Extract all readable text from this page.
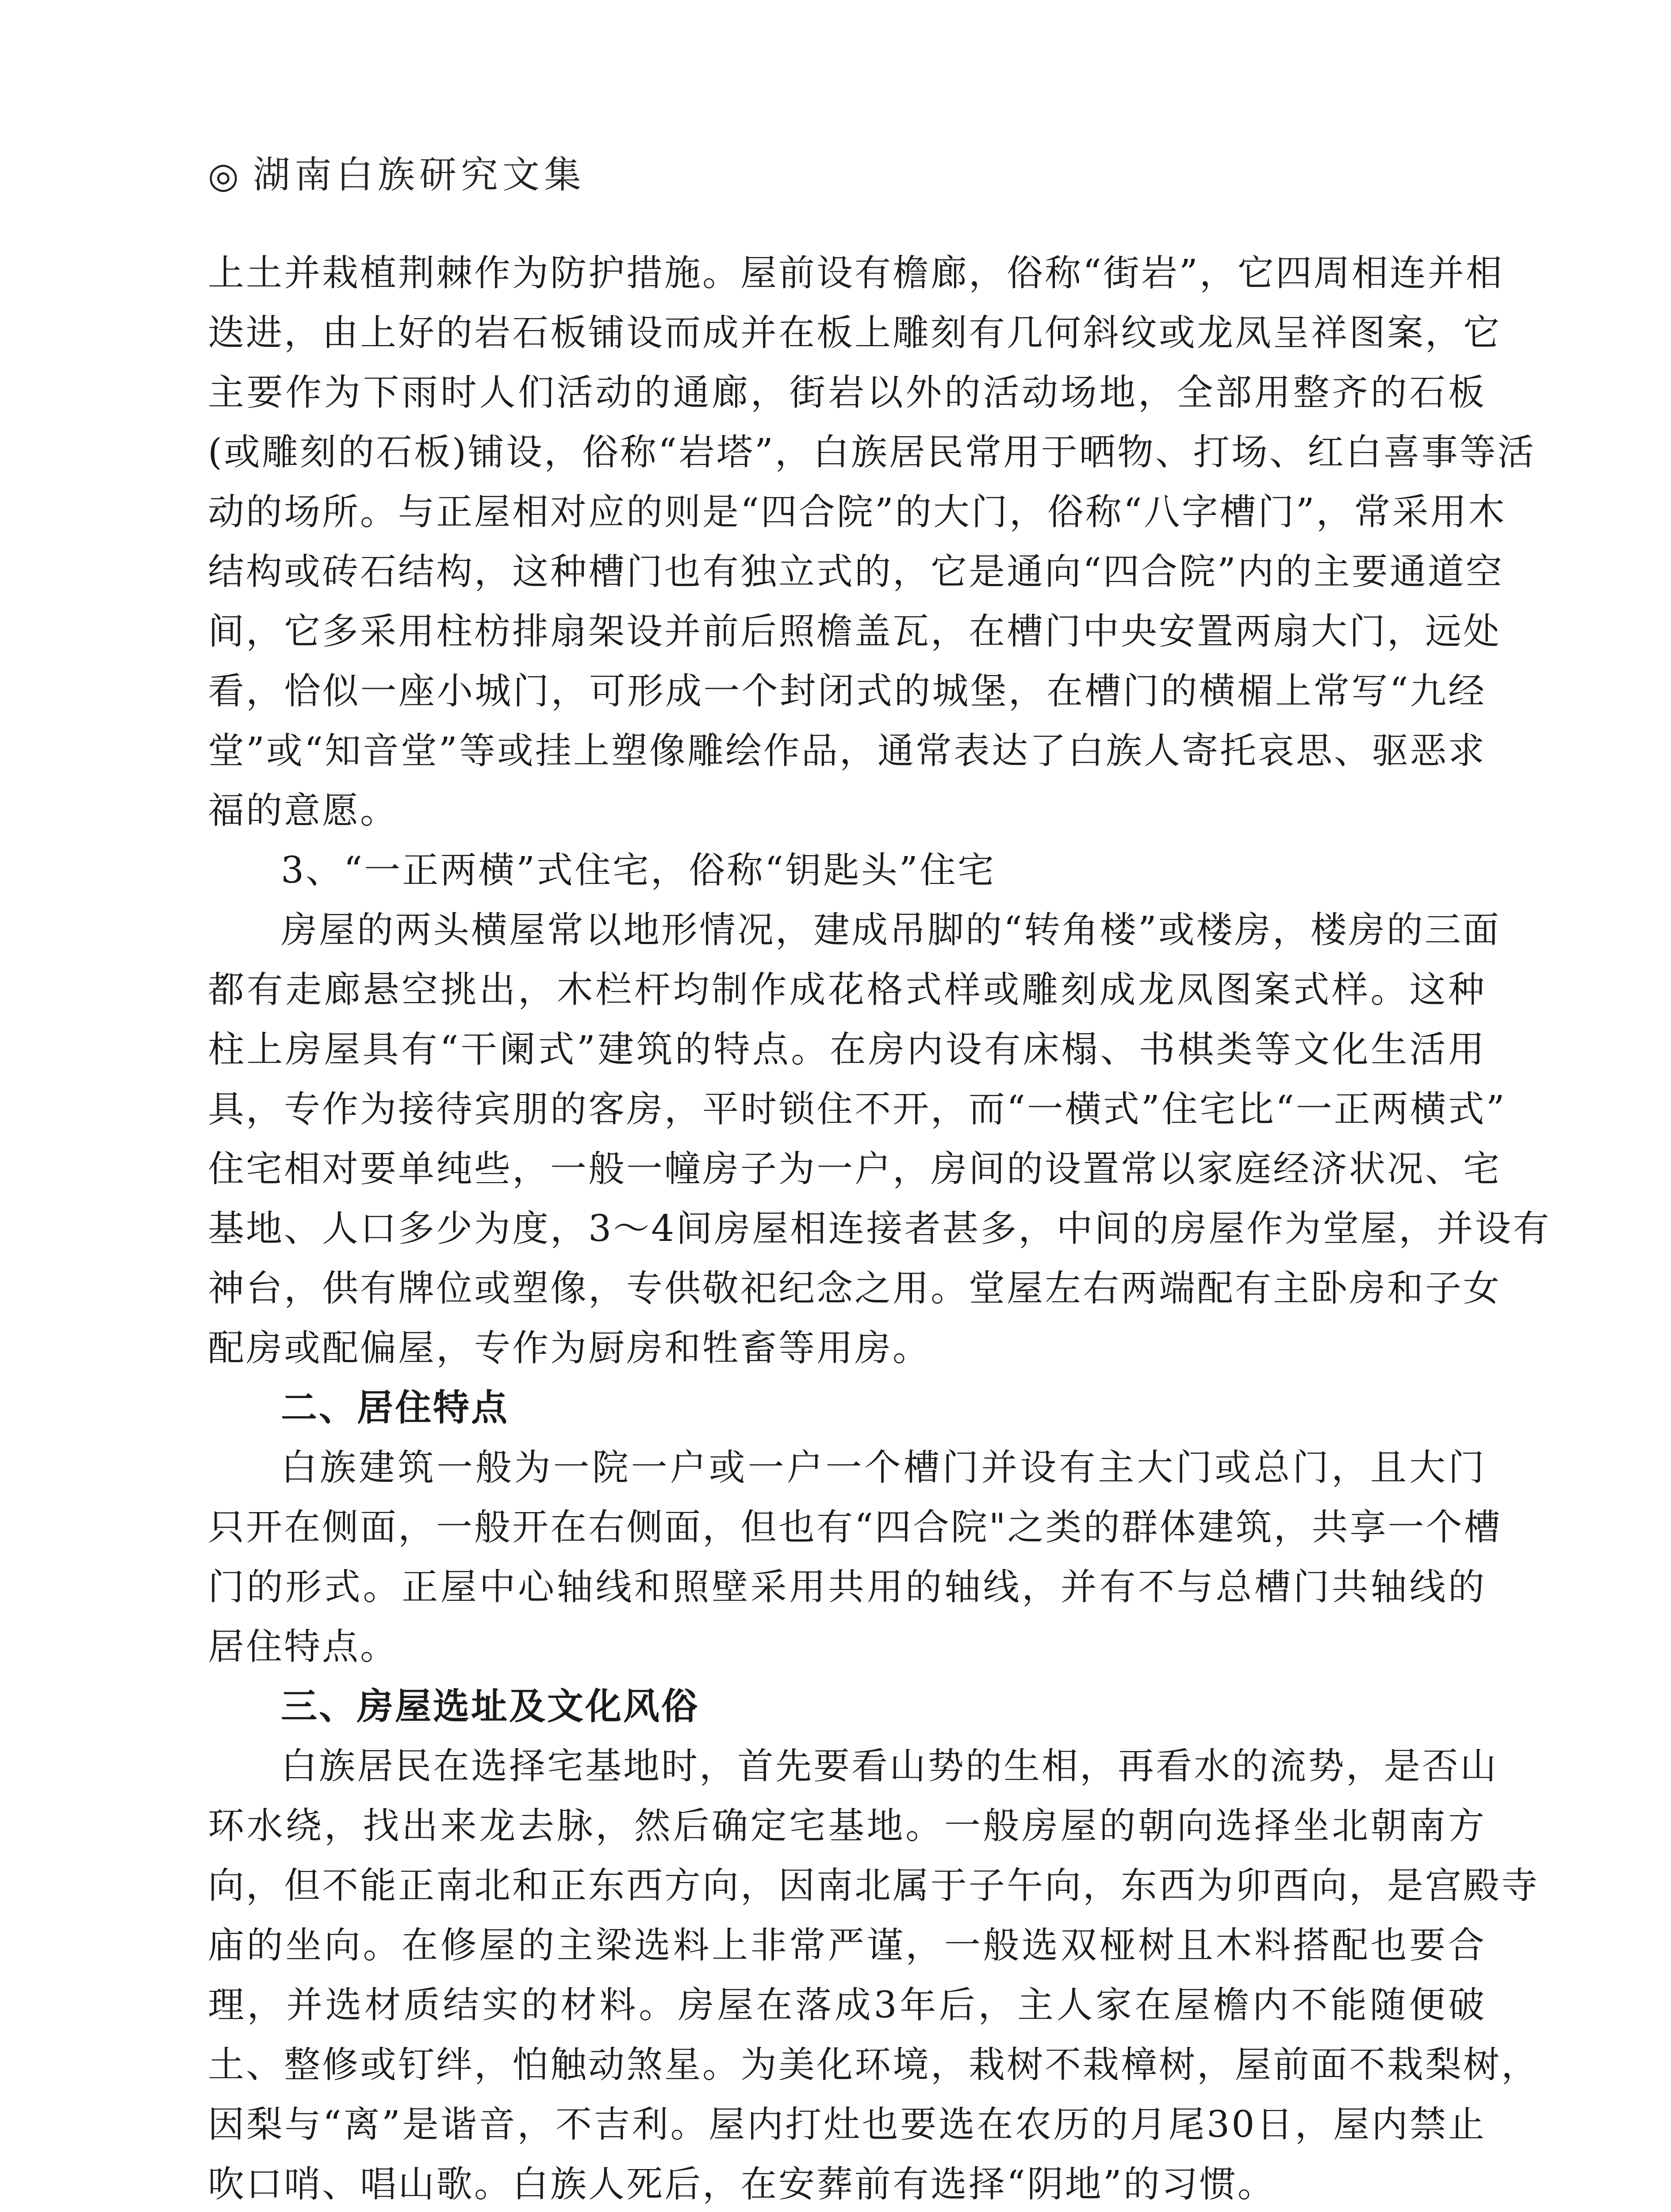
◎ 湖南白族研究文集
上土并栽植荆棘作为防护措施。屋前设有檐廊，俗称“街岩”，它四周相连并相
迭进，由上好的岩石板铺设而成并在板上雕刻有几何斜纹或龙凤呈祥图案，它
主要作为下雨时人们活动的通廊，街岩以外的活动场地，全部用整齐的石板
(或雕刻的石板)铺设，俗称“岩塔”，白族居民常用于晒物、打场、红白喜事等活
动的场所。与正屋相对应的则是“四合院”的大门，俗称“八字槽门”，常采用木
结构或砖石结构，这种槽门也有独立式的，它是通向“四合院”内的主要通道空
间，它多采用柱枋排扇架设并前后照檐盖瓦，在槽门中央安置两扇大门，远处
看，恰似一座小城门，可形成一个封闭式的城堡，在槽门的横楣上常写“九经
堂”或“知音堂”等或挂上塑像雕绘作品，通常表达了白族人寄托哀思、驱恶求
福的意愿。
3、“一正两横”式住宅，俗称“钥匙头”住宅
房屋的两头横屋常以地形情况，建成吊脚的“转角楼”或楼房，楼房的三面
都有走廊悬空挑出，木栏杆均制作成花格式样或雕刻成龙凤图案式样。这种
柱上房屋具有“干阑式”建筑的特点。在房内设有床榻、书棋类等文化生活用
具，专作为接待宾朋的客房，平时锁住不开，而“一横式”住宅比“一正两横式”
住宅相对要单纯些，一般一幢房子为一户，房间的设置常以家庭经济状况、宅
基地、人口多少为度，3～4间房屋相连接者甚多，中间的房屋作为堂屋，并设有
神台，供有牌位或塑像，专供敬祀纪念之用。堂屋左右两端配有主卧房和子女
配房或配偏屋，专作为厨房和牲畜等用房。
二、居住特点
白族建筑一般为一院一户或一户一个槽门并设有主大门或总门，且大门
只开在侧面，一般开在右侧面，但也有“四合院"之类的群体建筑，共享一个槽
门的形式。正屋中心轴线和照壁采用共用的轴线，并有不与总槽门共轴线的
居住特点。
三、房屋选址及文化风俗
白族居民在选择宅基地时，首先要看山势的生相，再看水的流势，是否山
环水绕，找出来龙去脉，然后确定宅基地。一般房屋的朝向选择坐北朝南方
向，但不能正南北和正东西方向，因南北属于子午向，东西为卯酉向，是宫殿寺
庙的坐向。在修屋的主梁选料上非常严谨，一般选双桠树且木料搭配也要合
理，并选材质结实的材料。房屋在落成3年后，主人家在屋檐内不能随便破
土、整修或钉绊，怕触动煞星。为美化环境，栽树不栽樟树，屋前面不栽梨树，
因梨与“离”是谐音，不吉利。屋内打灶也要选在农历的月尾30日，屋内禁止
吹口哨、唱山歌。白族人死后，在安葬前有选择“阴地”的习惯。
